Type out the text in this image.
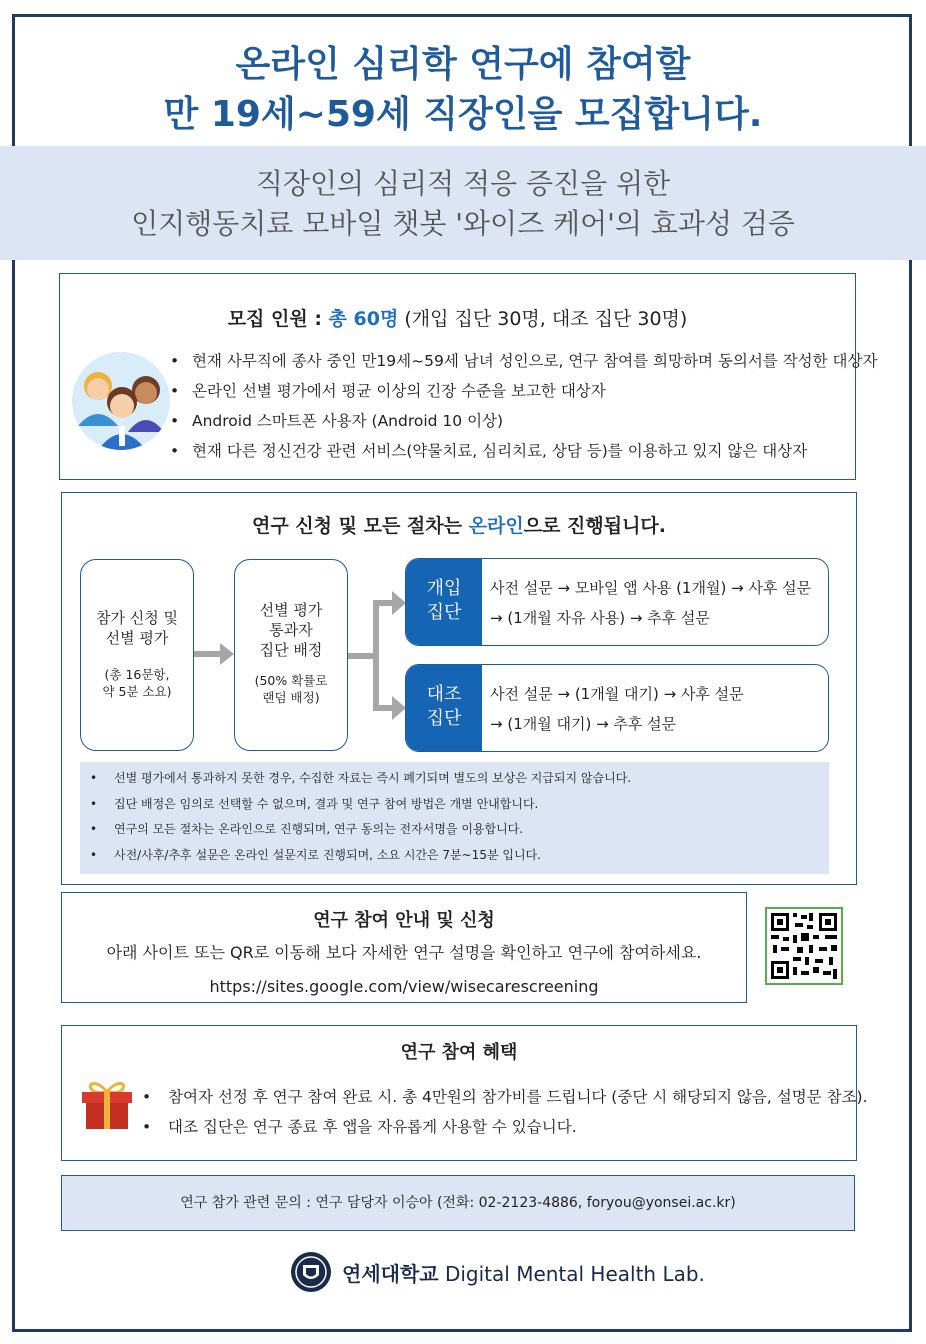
온라인 심리학 연구에 참여할
만 19세~59세 직장인을 모집합니다.
직장인의 심리적 적응 증진을 위한
인지행동치료 모바일 챗봇 '와이즈 케어'의 효과성 검증
모집 인원 : 총 60명 (개입 집단 30명, 대조 집단 30명)
• 현재 사무직에 종사 중인 만19세~59세 남녀 성인으로, 연구 참여를 희망하며 동의서를 작성한 대상자
• 온라인 선별 평가에서 평균 이상의 긴장 수준을 보고한 대상자
• Android 스마트폰 사용자 (Android 10 이상)
• 현재 다른 정신건강 관련 서비스(약물치료, 심리치료, 상담 등)를 이용하고 있지 않은 대상자
연구 신청 및 모든 절차는 온라인으로 진행됩니다.
참가 신청 및
선별 평가
(총 16문항,
약 5분 소요)
선별 평가
통과자
집단 배정
(50% 확률로
랜덤 배정)
개입
집단
사전 설문 → 모바일 앱 사용 (1개월) → 사후 설문
→ (1개월 자유 사용) → 추후 설문
대조
집단
사전 설문 → (1개월 대기) → 사후 설문
→ (1개월 대기) → 추후 설문
• 선별 평가에서 통과하지 못한 경우, 수집한 자료는 즉시 폐기되며 별도의 보상은 지급되지 않습니다.
• 집단 배정은 임의로 선택할 수 없으며, 결과 및 연구 참여 방법은 개별 안내합니다.
• 연구의 모든 절차는 온라인으로 진행되며, 연구 동의는 전자서명을 이용합니다.
• 사전/사후/추후 설문은 온라인 설문지로 진행되며, 소요 시간은 7분~15분 입니다.
연구 참여 안내 및 신청
아래 사이트 또는 QR로 이동해 보다 자세한 연구 설명을 확인하고 연구에 참여하세요.
https://sites.google.com/view/wisecarescreening
연구 참여 혜택
• 참여자 선정 후 연구 참여 완료 시. 총 4만원의 참가비를 드립니다 (중단 시 해당되지 않음, 설명문 참조).
• 대조 집단은 연구 종료 후 앱을 자유롭게 사용할 수 있습니다.
연구 참가 관련 문의 : 연구 담당자 이승아 (전화: 02-2123-4886, foryou@yonsei.ac.kr)
연세대학교 Digital Mental Health Lab.
